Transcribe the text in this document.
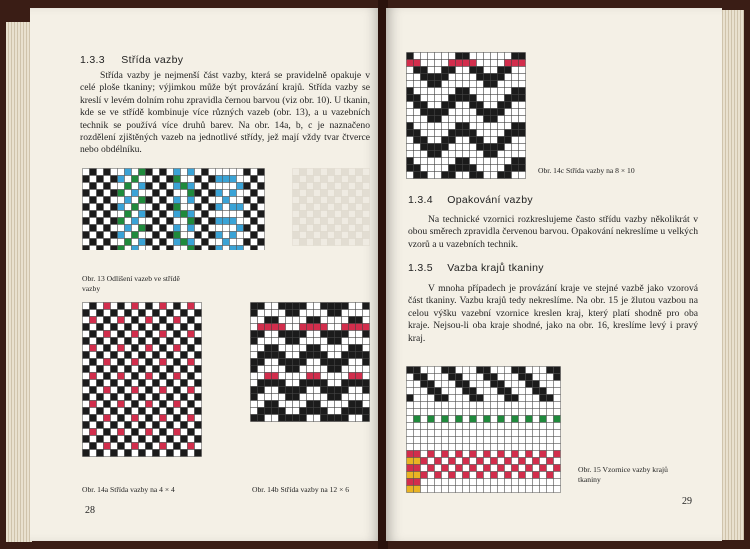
1.3.3 Střída vazby
Střída vazby je nejmenší část vazby, která se pravidelně opakuje v celé ploše tkaniny; výjimkou může být provázání krajů. Střída vazby se kreslí v levém dolním rohu zpravidla černou barvou (viz obr. 10). U tkanin, kde se ve střídě kombinuje více různých vazeb (obr. 13), a u vazebních technik se používá více druhů barev. Na obr. 14a, b, c je naznačeno rozdělení zjištěných vazeb na jednotlivé střídy, jež mají vždy tvar čtverce nebo obdélníku.
Obr. 13 Odlišení vazeb ve střídě vazby
Obr. 14a Střída vazby na 4 × 4	Obr. 14b Střída vazby na 12 × 6
28
Obr. 14c Střída vazby na 8 × 10
1.3.4 Opakování vazby
Na technické vzornici rozkreslujeme často střídu vazby několikrát v obou směrech zpravidla červenou barvou. Opakování nekreslíme u velkých vzorů a u vazebních technik.
1.3.5 Vazba krajů tkaniny
V mnoha případech je provázání kraje ve stejné vazbě jako vzorová část tkaniny. Vazbu krajů tedy nekreslíme. Na obr. 15 je žlutou vazbou na celou výšku vazební vzornice kreslen kraj, který platí shodně pro oba kraje. Nejsou-li oba kraje shodné, jako na obr. 16, kreslíme levý i pravý kraj.
Obr. 15 Vzornice vazby krajů tkaniny
29
